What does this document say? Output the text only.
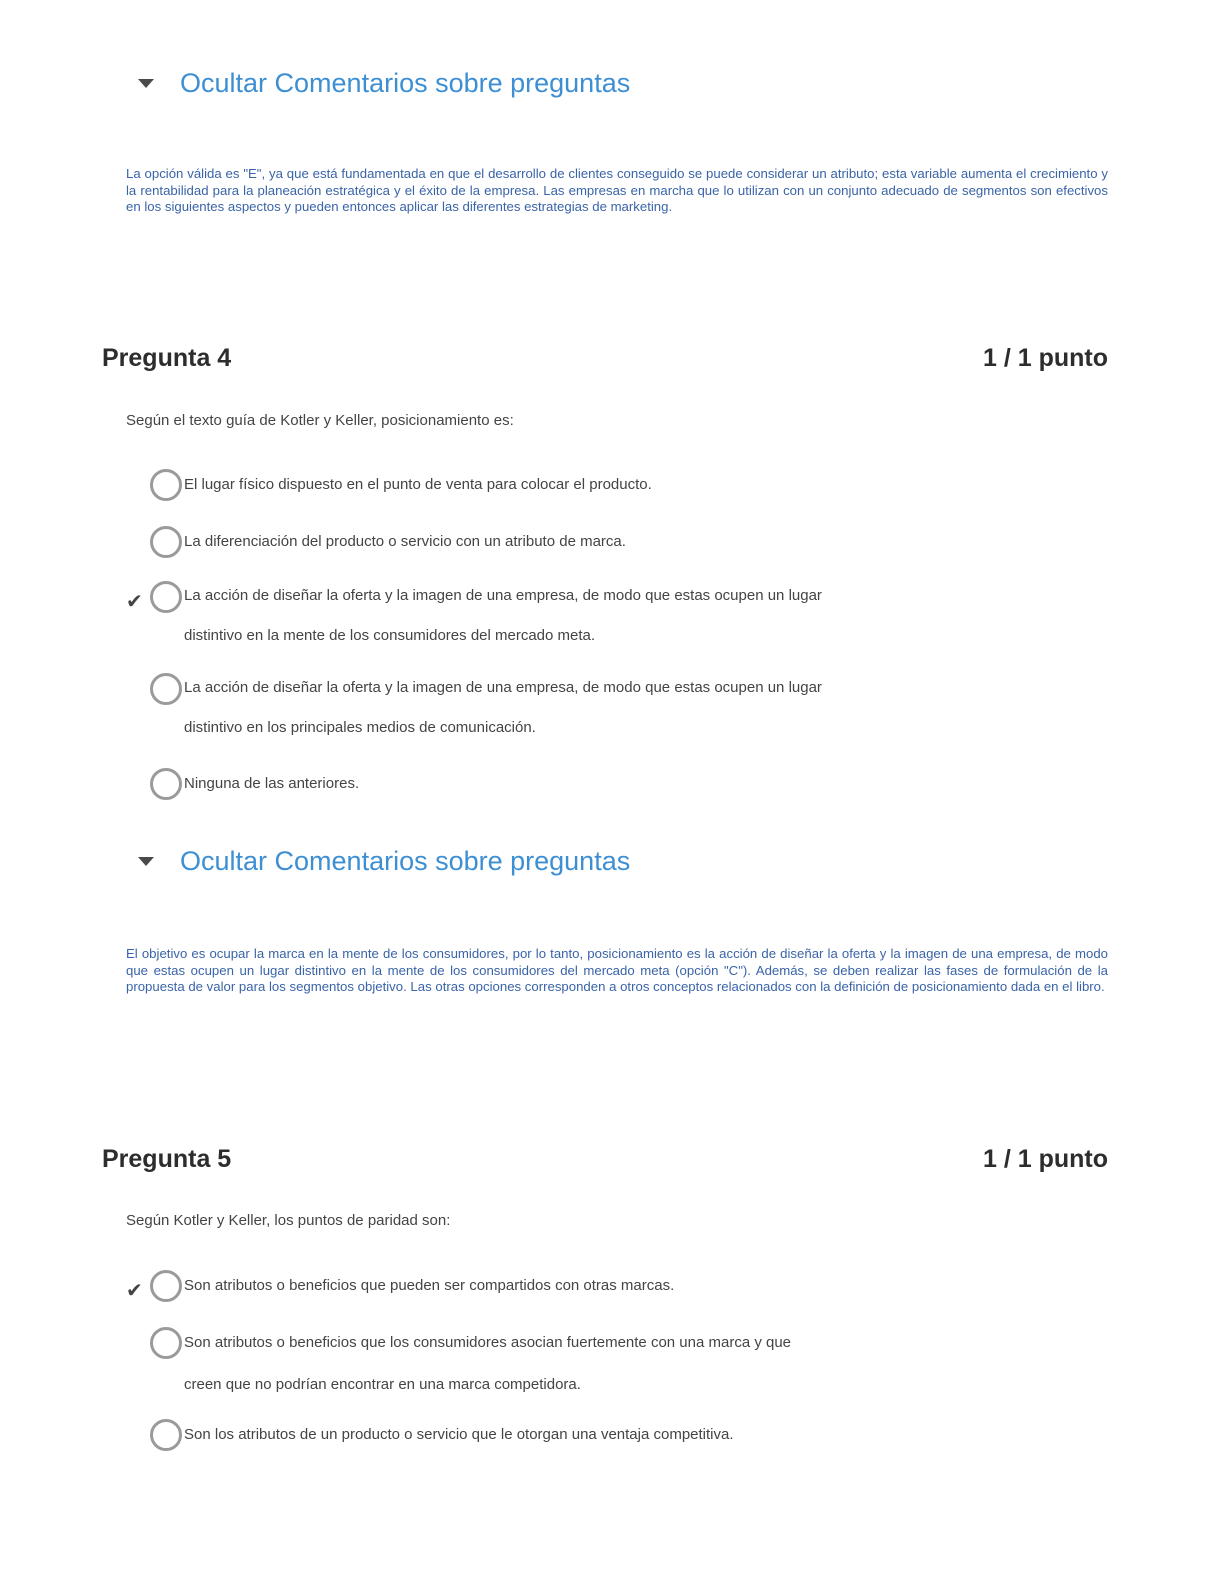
Ocultar Comentarios sobre preguntas

La opción válida es "E", ya que está fundamentada en que el desarrollo de clientes conseguido se puede considerar un atributo; esta variable aumenta el crecimiento y la rentabilidad para la planeación estratégica y el éxito de la empresa. Las empresas en marcha que lo utilizan con un conjunto adecuado de segmentos son efectivos en los siguientes aspectos y pueden entonces aplicar las diferentes estrategias de marketing.

Pregunta 4	1 / 1 punto

Según el texto guía de Kotler y Keller, posicionamiento es:

El lugar físico dispuesto en el punto de venta para colocar el producto.
La diferenciación del producto o servicio con un atributo de marca.
✔	La acción de diseñar la oferta y la imagen de una empresa, de modo que estas ocupen un lugar
distintivo en la mente de los consumidores del mercado meta.
La acción de diseñar la oferta y la imagen de una empresa, de modo que estas ocupen un lugar
distintivo en los principales medios de comunicación.
Ninguna de las anteriores.
Ocultar Comentarios sobre preguntas

El objetivo es ocupar la marca en la mente de los consumidores, por lo tanto, posicionamiento es la acción de diseñar la oferta y la imagen de una empresa, de modo que estas ocupen un lugar distintivo en la mente de los consumidores del mercado meta (opción "C"). Además, se deben realizar las fases de formulación de la propuesta de valor para los segmentos objetivo. Las otras opciones corresponden a otros conceptos relacionados con la definición de posicionamiento dada en el libro.

Pregunta 5	1 / 1 punto

Según Kotler y Keller, los puntos de paridad son:

✔	Son atributos o beneficios que pueden ser compartidos con otras marcas.
Son atributos o beneficios que los consumidores asocian fuertemente con una marca y que
creen que no podrían encontrar en una marca competidora.
Son los atributos de un producto o servicio que le otorgan una ventaja competitiva.
